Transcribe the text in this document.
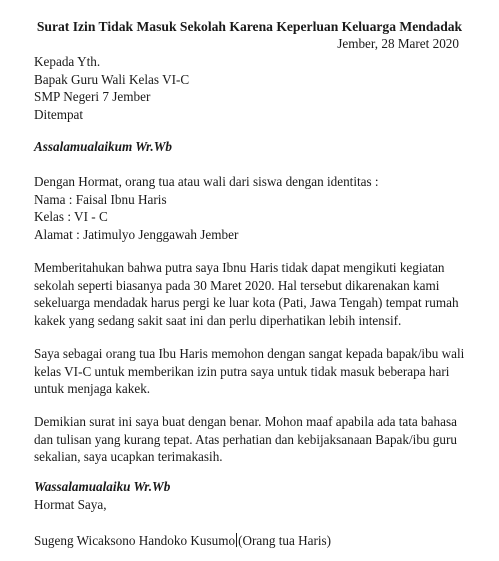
Surat Izin Tidak Masuk Sekolah Karena Keperluan Keluarga Mendadak
Jember, 28 Maret 2020
Kepada Yth.
Bapak Guru Wali Kelas VI-C
SMP Negeri 7 Jember
Ditempat
Assalamualaikum Wr.Wb
Dengan Hormat, orang tua atau wali dari siswa dengan identitas :
Nama : Faisal Ibnu Haris
Kelas : VI - C
Alamat : Jatimulyo Jenggawah Jember
Memberitahukan bahwa putra saya Ibnu Haris tidak dapat mengikuti kegiatan
sekolah seperti biasanya pada 30 Maret 2020. Hal tersebut dikarenakan kami
sekeluarga mendadak harus pergi ke luar kota (Pati, Jawa Tengah) tempat rumah
kakek yang sedang sakit saat ini dan perlu diperhatikan lebih intensif.
Saya sebagai orang tua Ibu Haris memohon dengan sangat kepada bapak/ibu wali
kelas VI-C untuk memberikan izin putra saya untuk tidak masuk beberapa hari
untuk menjaga kakek.
Demikian surat ini saya buat dengan benar. Mohon maaf apabila ada tata bahasa
dan tulisan yang kurang tepat. Atas perhatian dan kebijaksanaan Bapak/ibu guru
sekalian, saya ucapkan terimakasih.
Wassalamualaiku Wr.Wb
Hormat Saya,
Sugeng Wicaksono Handoko Kusumo (Orang tua Haris)
